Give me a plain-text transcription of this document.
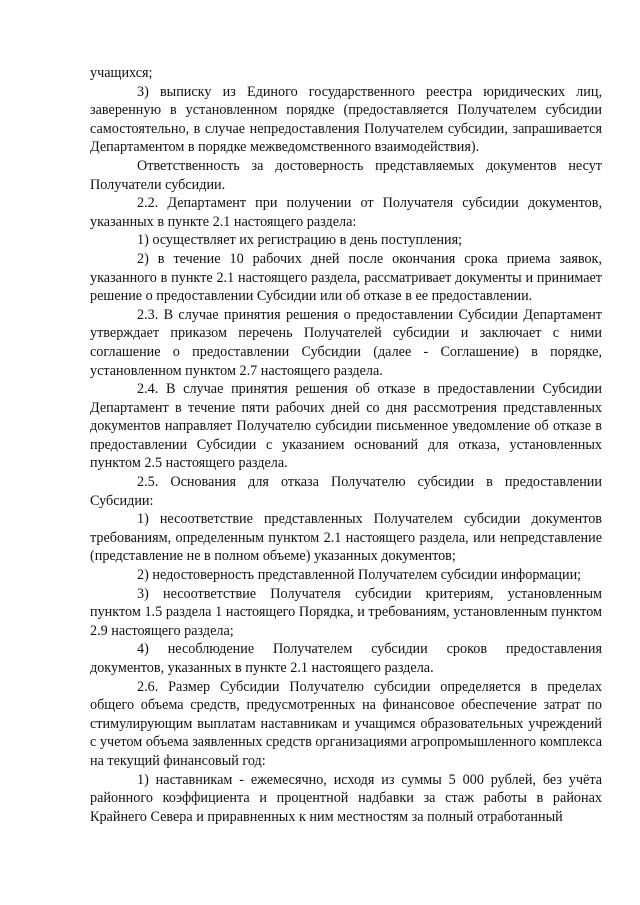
учащихся;

3) выписку из Единого государственного реестра юридических лиц, заверенную в установленном порядке (предоставляется Получателем субсидии самостоятельно, в случае непредоставления Получателем субсидии, запрашивается Департаментом в порядке межведомственного взаимодействия).

Ответственность за достоверность представляемых документов несут Получатели субсидии.

2.2. Департамент при получении от Получателя субсидии документов, указанных в пункте 2.1 настоящего раздела:

1) осуществляет их регистрацию в день поступления;

2) в течение 10 рабочих дней после окончания срока приема заявок, указанного в пункте 2.1 настоящего раздела, рассматривает документы и принимает решение о предоставлении Субсидии или об отказе в ее предоставлении.

2.3. В случае принятия решения о предоставлении Субсидии Департамент утверждает приказом перечень Получателей субсидии и заключает с ними соглашение о предоставлении Субсидии (далее - Соглашение) в порядке, установленном пунктом 2.7 настоящего раздела.

2.4. В случае принятия решения об отказе в предоставлении Субсидии Департамент в течение пяти рабочих дней со дня рассмотрения представленных документов направляет Получателю субсидии письменное уведомление об отказе в предоставлении Субсидии с указанием оснований для отказа, установленных пунктом 2.5 настоящего раздела.

2.5. Основания для отказа Получателю субсидии в предоставлении Субсидии:

1) несоответствие представленных Получателем субсидии документов требованиям, определенным пунктом 2.1 настоящего раздела, или непредставление (представление не в полном объеме) указанных документов;

2) недостоверность представленной Получателем субсидии информации;

3) несоответствие Получателя субсидии критериям, установленным пунктом 1.5 раздела 1 настоящего Порядка, и требованиям, установленным пунктом 2.9 настоящего раздела;

4) несоблюдение Получателем субсидии сроков предоставления документов, указанных в пункте 2.1 настоящего раздела.

2.6. Размер Субсидии Получателю субсидии определяется в пределах общего объема средств, предусмотренных на финансовое обеспечение затрат по стимулирующим выплатам наставникам и учащимся образовательных учреждений с учетом объема заявленных средств организациями агропромышленного комплекса на текущий финансовый год:

1) наставникам - ежемесячно, исходя из суммы 5 000 рублей, без учёта районного коэффициента и процентной надбавки за стаж работы в районах Крайнего Севера и приравненных к ним местностям за полный отработанный
